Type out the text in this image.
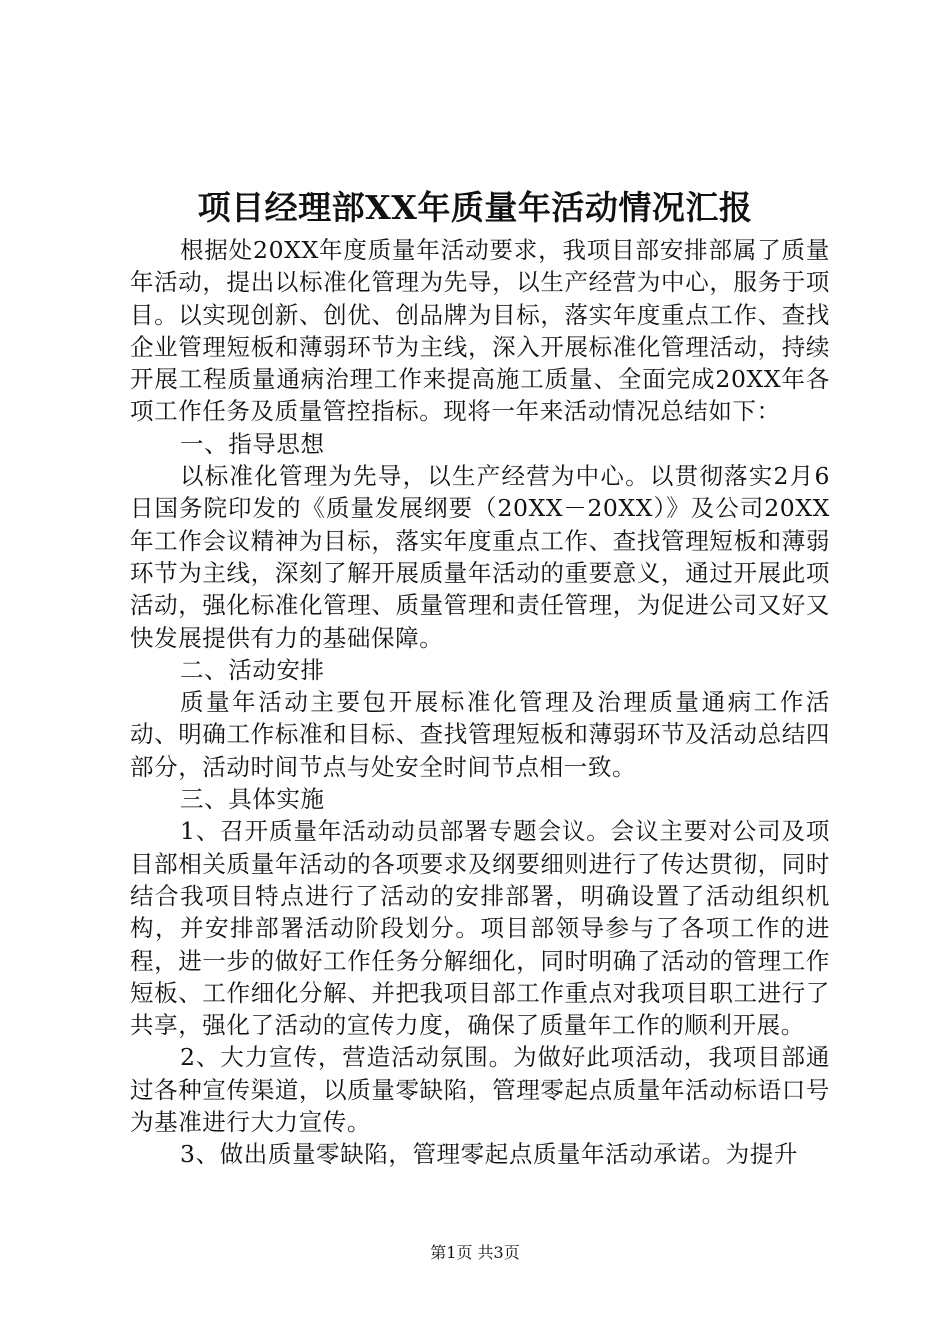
项目经理部XX年质量年活动情况汇报

根据处20XX年度质量年活动要求，我项目部安排部属了质量年活动，提出以标准化管理为先导，以生产经营为中心，服务于项目。以实现创新、创优、创品牌为目标，落实年度重点工作、查找企业管理短板和薄弱环节为主线，深入开展标准化管理活动，持续开展工程质量通病治理工作来提高施工质量、全面完成20XX年各项工作任务及质量管控指标。现将一年来活动情况总结如下：

一、指导思想

以标准化管理为先导，以生产经营为中心。以贯彻落实2月6日国务院印发的《质量发展纲要（20XX－20XX）》及公司20XX年工作会议精神为目标，落实年度重点工作、查找管理短板和薄弱环节为主线，深刻了解开展质量年活动的重要意义，通过开展此项活动，强化标准化管理、质量管理和责任管理，为促进公司又好又快发展提供有力的基础保障。

二、活动安排

质量年活动主要包开展标准化管理及治理质量通病工作活动、明确工作标准和目标、查找管理短板和薄弱环节及活动总结四部分，活动时间节点与处安全时间节点相一致。

三、具体实施

1、召开质量年活动动员部署专题会议。会议主要对公司及项目部相关质量年活动的各项要求及纲要细则进行了传达贯彻，同时结合我项目特点进行了活动的安排部署，明确设置了活动组织机构，并安排部署活动阶段划分。项目部领导参与了各项工作的进程，进一步的做好工作任务分解细化，同时明确了活动的管理工作短板、工作细化分解、并把我项目部工作重点对我项目职工进行了共享，强化了活动的宣传力度，确保了质量年工作的顺利开展。

2、大力宣传，营造活动氛围。为做好此项活动，我项目部通过各种宣传渠道，以质量零缺陷，管理零起点质量年活动标语口号为基准进行大力宣传。

3、做出质量零缺陷，管理零起点质量年活动承诺。为提升

第1页 共3页
